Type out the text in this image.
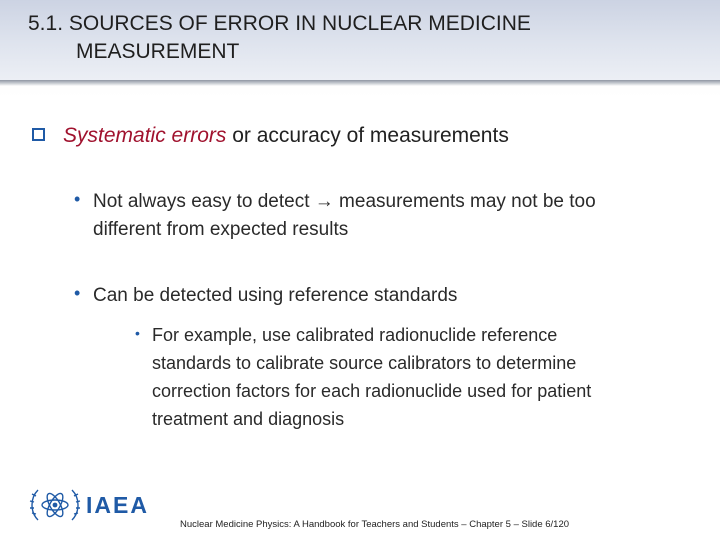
5.1. SOURCES OF ERROR IN NUCLEAR MEDICINE
MEASUREMENT
Systematic errors or accuracy of measurements
• Not always easy to detect → measurements may not be too
different from expected results
• Can be detected using reference standards
• For example, use calibrated radionuclide reference
standards to calibrate source calibrators to determine
correction factors for each radionuclide used for patient
treatment and diagnosis
IAEA
Nuclear Medicine Physics: A Handbook for Teachers and Students – Chapter 5 – Slide 6/120
